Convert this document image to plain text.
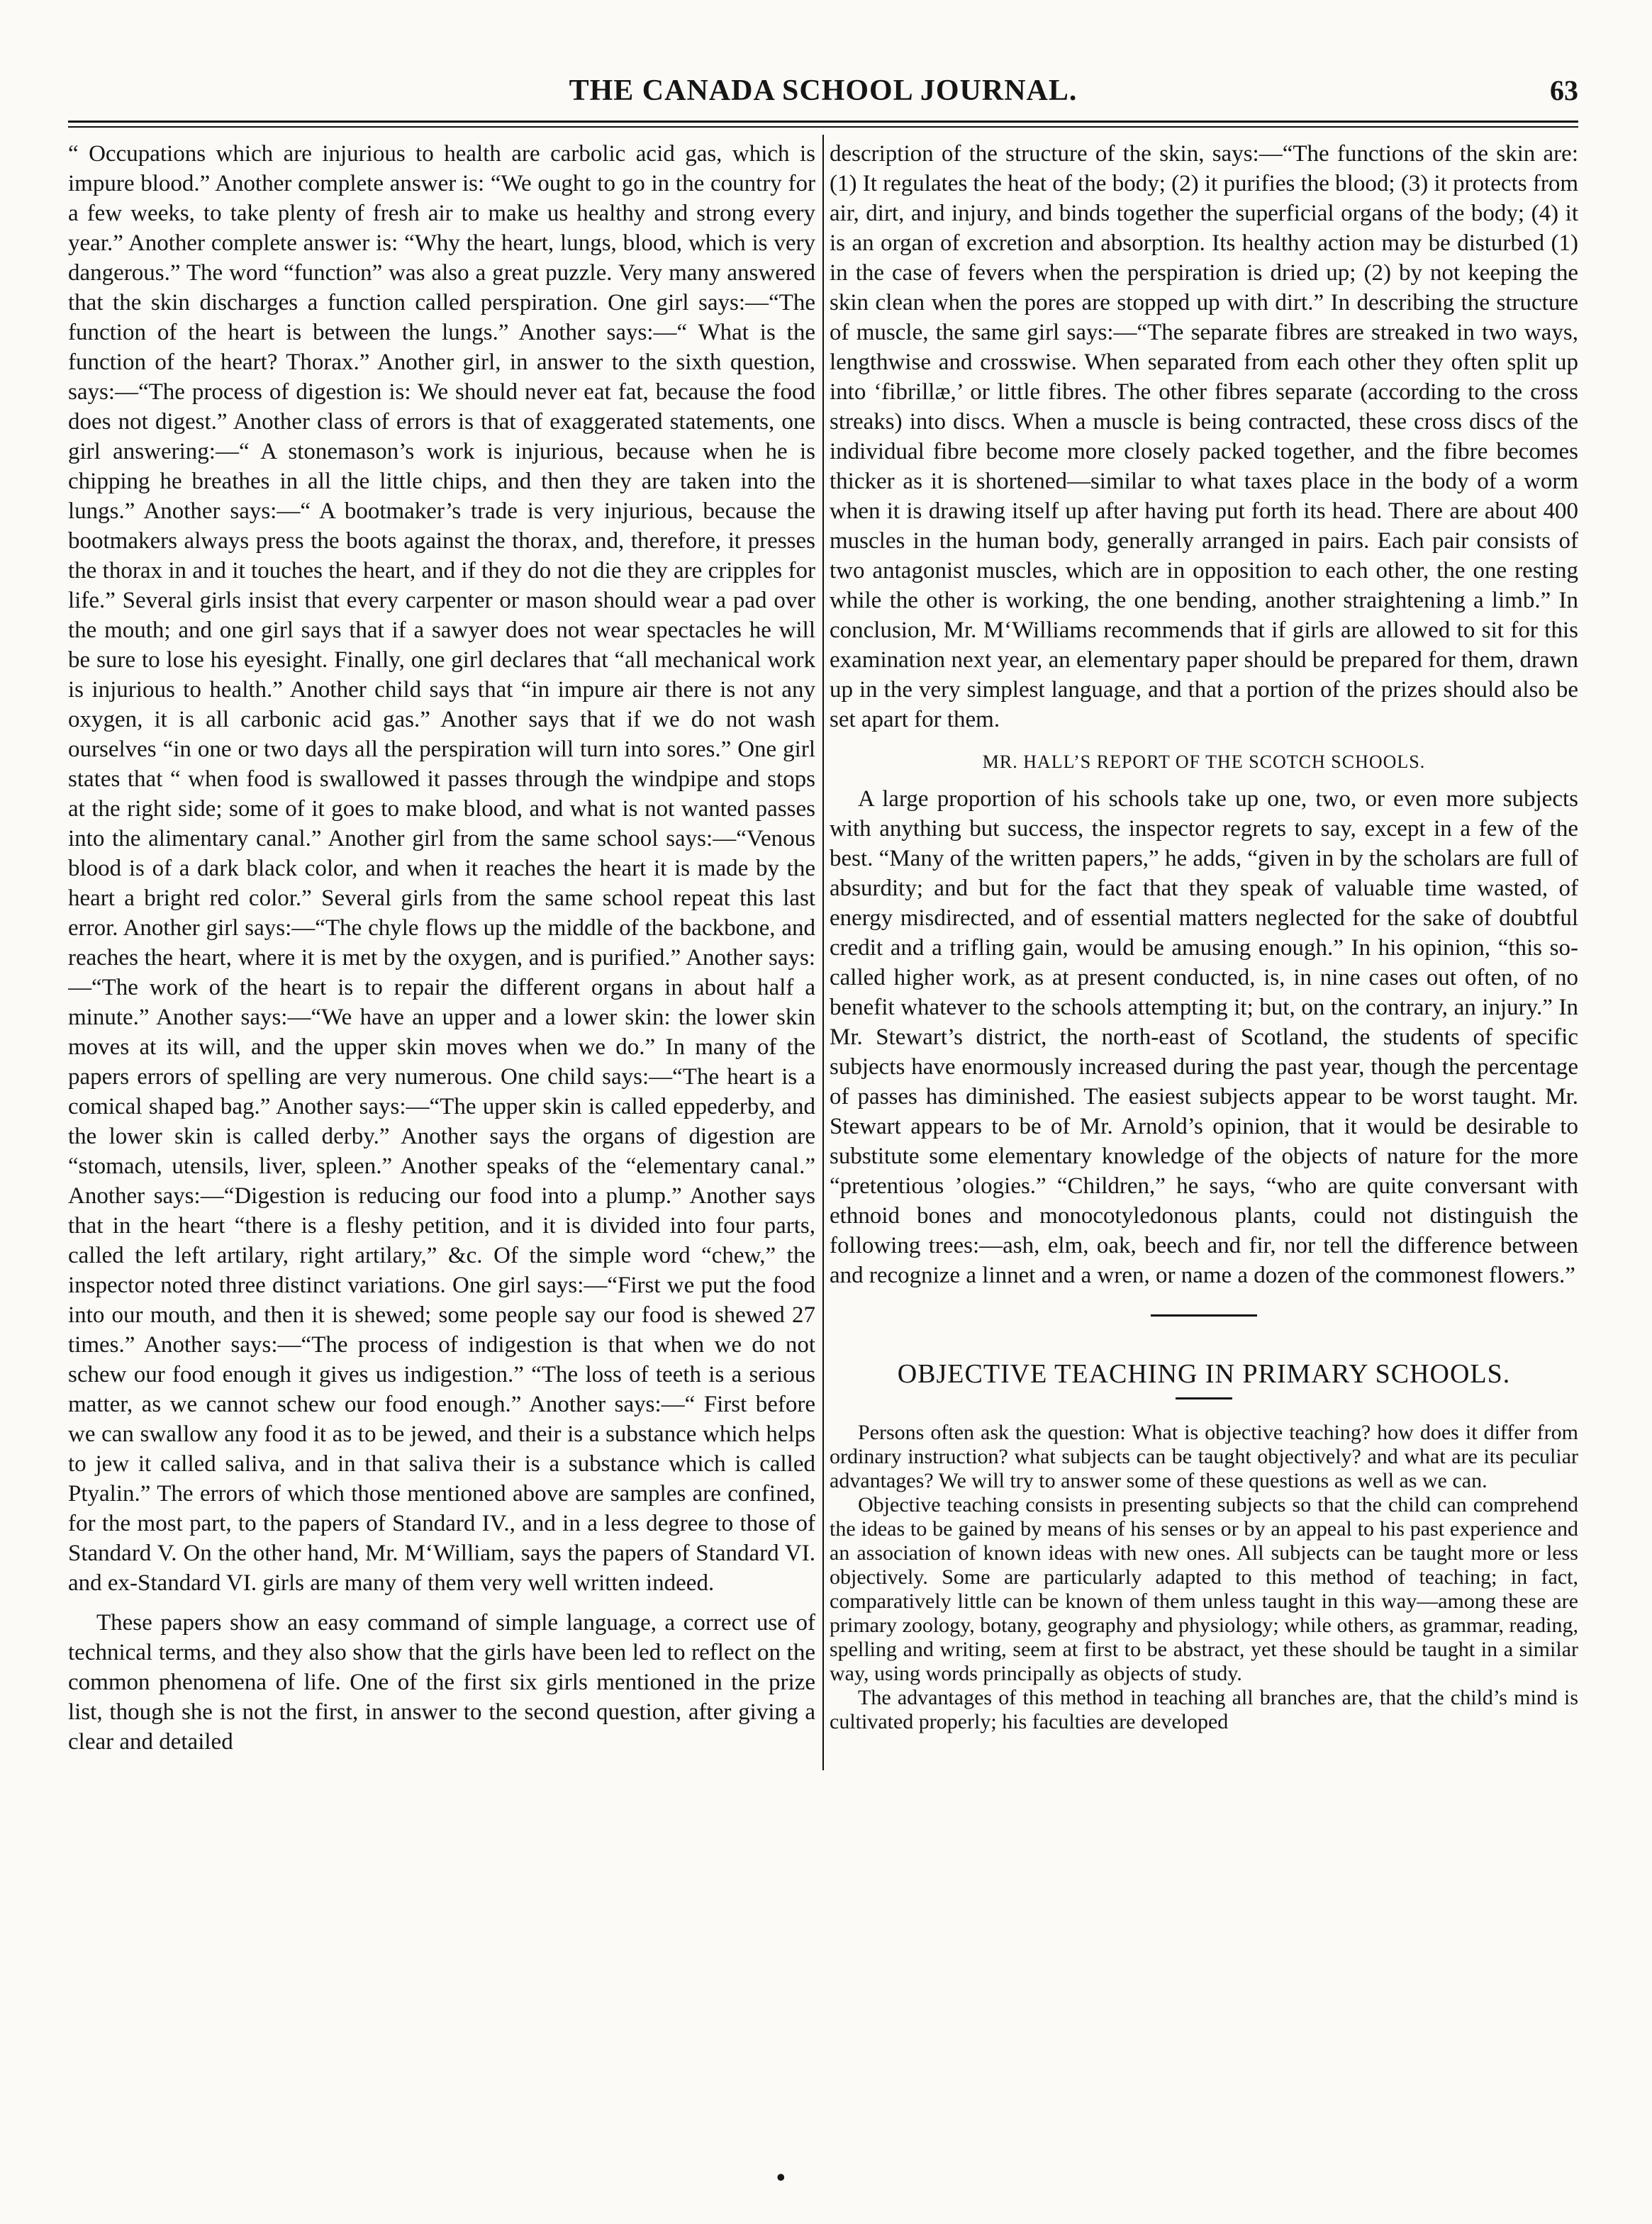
THE CANADA SCHOOL JOURNAL.	63

“ Occupations which are injurious to health are carbolic acid gas, which is impure blood.” Another complete answer is: “We ought to go in the country for a few weeks, to take plenty of fresh air to make us healthy and strong every year.” Another complete answer is: “Why the heart, lungs, blood, which is very dangerous.” The word “function” was also a great puzzle. Very many answered that the skin discharges a function called perspiration. One girl says:—“The function of the heart is between the lungs.” Another says:—“ What is the function of the heart? Thorax.” Another girl, in answer to the sixth question, says:—“The process of digestion is: We should never eat fat, because the food does not digest.” Another class of errors is that of exaggerated statements, one girl answering:—“ A stonemason’s work is injurious, because when he is chipping he breathes in all the little chips, and then they are taken into the lungs.” Another says:—“ A bootmaker’s trade is very injurious, because the bootmakers always press the boots against the thorax, and, therefore, it presses the thorax in and it touches the heart, and if they do not die they are cripples for life.” Several girls insist that every carpenter or mason should wear a pad over the mouth; and one girl says that if a sawyer does not wear spectacles he will be sure to lose his eyesight. Finally, one girl declares that “all mechanical work is injurious to health.” Another child says that “in impure air there is not any oxygen, it is all carbonic acid gas.” Another says that if we do not wash ourselves “in one or two days all the perspiration will turn into sores.” One girl states that “ when food is swallowed it passes through the windpipe and stops at the right side; some of it goes to make blood, and what is not wanted passes into the alimentary canal.” Another girl from the same school says:—“Venous blood is of a dark black color, and when it reaches the heart it is made by the heart a bright red color.” Several girls from the same school repeat this last error. Another girl says:—“The chyle flows up the middle of the backbone, and reaches the heart, where it is met by the oxygen, and is purified.” Another says:—“The work of the heart is to repair the different organs in about half a minute.” Another says:—“We have an upper and a lower skin: the lower skin moves at its will, and the upper skin moves when we do.” In many of the papers errors of spelling are very numerous. One child says:—“The heart is a comical shaped bag.” Another says:—“The upper skin is called eppederby, and the lower skin is called derby.” Another says the organs of digestion are “stomach, utensils, liver, spleen.” Another speaks of the “elementary canal.” Another says:—“Digestion is reducing our food into a plump.” Another says that in the heart “there is a fleshy petition, and it is divided into four parts, called the left artilary, right artilary,” &c. Of the simple word “chew,” the inspector noted three distinct variations. One girl says:—“First we put the food into our mouth, and then it is shewed; some people say our food is shewed 27 times.” Another says:—“The process of indigestion is that when we do not schew our food enough it gives us indigestion.” “The loss of teeth is a serious matter, as we cannot schew our food enough.” Another says:—“ First before we can swallow any food it as to be jewed, and their is a substance which helps to jew it called saliva, and in that saliva their is a substance which is called Ptyalin.” The errors of which those mentioned above are samples are confined, for the most part, to the papers of Standard IV., and in a less degree to those of Standard V. On the other hand, Mr. M‘William, says the papers of Standard VI. and ex-Standard VI. girls are many of them very well written indeed.

These papers show an easy command of simple language, a correct use of technical terms, and they also show that the girls have been led to reflect on the common phenomena of life. One of the first six girls mentioned in the prize list, though she is not the first, in answer to the second question, after giving a clear and detailed

description of the structure of the skin, says:—“The functions of the skin are: (1) It regulates the heat of the body; (2) it purifies the blood; (3) it protects from air, dirt, and injury, and binds together the superficial organs of the body; (4) it is an organ of excretion and absorption. Its healthy action may be disturbed (1) in the case of fevers when the perspiration is dried up; (2) by not keeping the skin clean when the pores are stopped up with dirt.” In describing the structure of muscle, the same girl says:—“The separate fibres are streaked in two ways, lengthwise and crosswise. When separated from each other they often split up into ‘fibrillæ,’ or little fibres. The other fibres separate (according to the cross streaks) into discs. When a muscle is being contracted, these cross discs of the individual fibre become more closely packed together, and the fibre becomes thicker as it is shortened—similar to what taxes place in the body of a worm when it is drawing itself up after having put forth its head. There are about 400 muscles in the human body, generally arranged in pairs. Each pair consists of two antagonist muscles, which are in opposition to each other, the one resting while the other is working, the one bending, another straightening a limb.” In conclusion, Mr. M‘Williams recommends that if girls are allowed to sit for this examination next year, an elementary paper should be prepared for them, drawn up in the very simplest language, and that a portion of the prizes should also be set apart for them.

MR. HALL’S REPORT OF THE SCOTCH SCHOOLS.

A large proportion of his schools take up one, two, or even more subjects with anything but success, the inspector regrets to say, except in a few of the best. “Many of the written papers,” he adds, “given in by the scholars are full of absurdity; and but for the fact that they speak of valuable time wasted, of energy misdirected, and of essential matters neglected for the sake of doubtful credit and a trifling gain, would be amusing enough.” In his opinion, “this so-called higher work, as at present conducted, is, in nine cases out often, of no benefit whatever to the schools attempting it; but, on the contrary, an injury.” In Mr. Stewart’s district, the north-east of Scotland, the students of specific subjects have enormously increased during the past year, though the percentage of passes has diminished. The easiest subjects appear to be worst taught. Mr. Stewart appears to be of Mr. Arnold’s opinion, that it would be desirable to substitute some elementary knowledge of the objects of nature for the more “pretentious ’ologies.” “Children,” he says, “who are quite conversant with ethnoid bones and monocotyledonous plants, could not distinguish the following trees:—ash, elm, oak, beech and fir, nor tell the difference between and recognize a linnet and a wren, or name a dozen of the commonest flowers.”

OBJECTIVE TEACHING IN PRIMARY SCHOOLS.

Persons often ask the question: What is objective teaching? how does it differ from ordinary instruction? what subjects can be taught objectively? and what are its peculiar advantages? We will try to answer some of these questions as well as we can.

Objective teaching consists in presenting subjects so that the child can comprehend the ideas to be gained by means of his senses or by an appeal to his past experience and an association of known ideas with new ones. All subjects can be taught more or less objectively. Some are particularly adapted to this method of teaching; in fact, comparatively little can be known of them unless taught in this way—among these are primary zoology, botany, geography and physiology; while others, as grammar, reading, spelling and writing, seem at first to be abstract, yet these should be taught in a similar way, using words principally as objects of study.

The advantages of this method in teaching all branches are, that the child’s mind is cultivated properly; his faculties are developed

•
